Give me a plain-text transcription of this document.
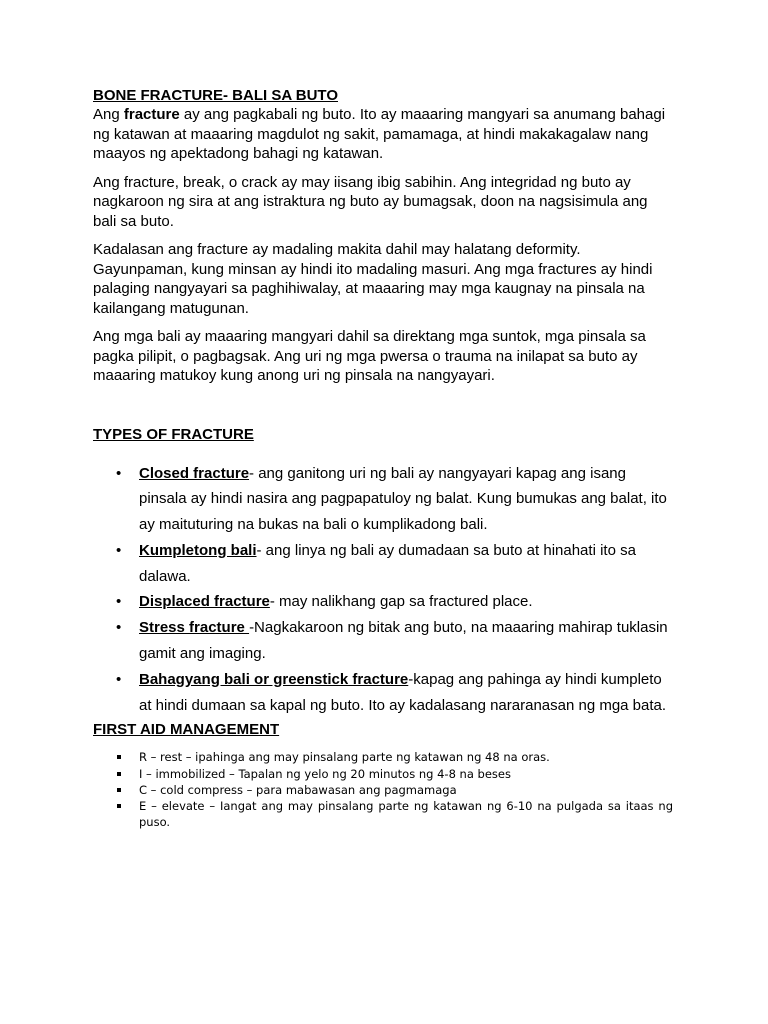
BONE FRACTURE- BALI SA BUTO

Ang fracture ay ang pagkabali ng buto. Ito ay maaaring mangyari sa anumang bahagi ng katawan at maaaring magdulot ng sakit, pamamaga, at hindi makakagalaw nang maayos ng apektadong bahagi ng katawan.

Ang fracture, break, o crack ay may iisang ibig sabihin. Ang integridad ng buto ay nagkaroon ng sira at ang istraktura ng buto ay bumagsak, doon na nagsisimula ang bali sa buto.

Kadalasan ang fracture ay madaling makita dahil may halatang deformity. Gayunpaman, kung minsan ay hindi ito madaling masuri. Ang mga fractures ay hindi palaging nangyayari sa paghihiwalay, at maaaring may mga kaugnay na pinsala na kailangang matugunan.

Ang mga bali ay maaaring mangyari dahil sa direktang mga suntok, mga pinsala sa pagka pilipit, o pagbagsak. Ang uri ng mga pwersa o trauma na inilapat sa buto ay maaaring matukoy kung anong uri ng pinsala na nangyayari.

TYPES OF FRACTURE
• Closed fracture- ang ganitong uri ng bali ay nangyayari kapag ang isang pinsala ay hindi nasira ang pagpapatuloy ng balat. Kung bumukas ang balat, ito ay maituturing na bukas na bali o kumplikadong bali.
• Kumpletong bali- ang linya ng bali ay dumadaan sa buto at hinahati ito sa dalawa.
• Displaced fracture- may nalikhang gap sa fractured place.
• Stress fracture -Nagkakaroon ng bitak ang buto, na maaaring mahirap tuklasin gamit ang imaging.
• Bahagyang bali or greenstick fracture-kapag ang pahinga ay hindi kumpleto at hindi dumaan sa kapal ng buto. Ito ay kadalasang nararanasan ng mga bata.
FIRST AID MANAGEMENT
R – rest – ipahinga ang may pinsalang parte ng katawan ng 48 na oras.
I – immobilized – Tapalan ng yelo ng 20 minutos ng 4-8 na beses
C – cold compress – para mabawasan ang pagmamaga
E – elevate – Iangat ang may pinsalang parte ng katawan ng 6-10 na pulgada sa itaas ng puso.
